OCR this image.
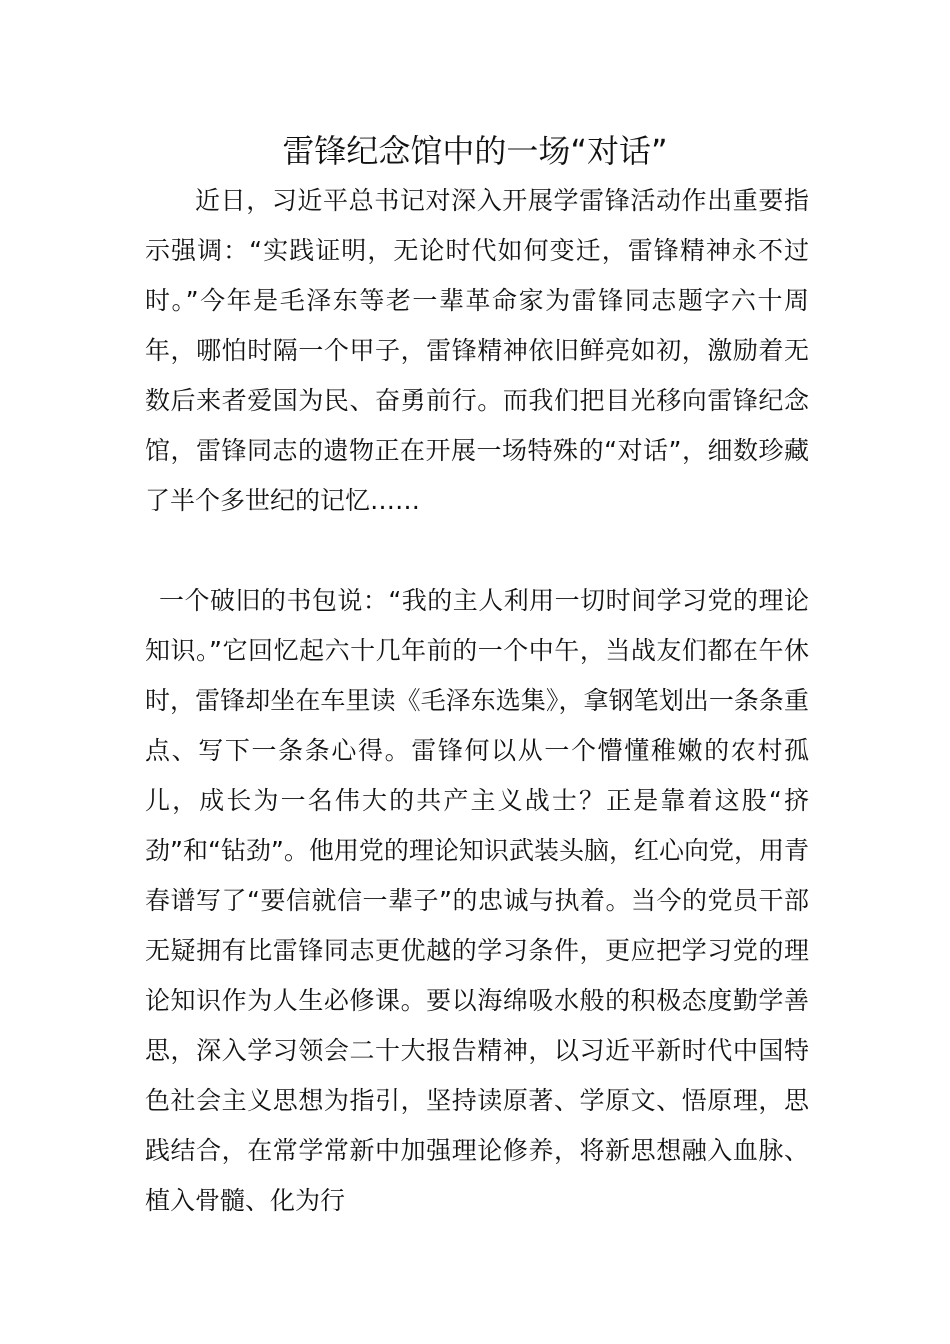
雷锋纪念馆中的一场“对话”

近日，习近平总书记对深入开展学雷锋活动作出重要指示强调：“实践证明，无论时代如何变迁，雷锋精神永不过时。”今年是毛泽东等老一辈革命家为雷锋同志题字六十周年，哪怕时隔一个甲子，雷锋精神依旧鲜亮如初，激励着无数后来者爱国为民、奋勇前行。而我们把目光移向雷锋纪念馆，雷锋同志的遗物正在开展一场特殊的“对话”，细数珍藏了半个多世纪的记忆……

一个破旧的书包说：“我的主人利用一切时间学习党的理论知识。”它回忆起六十几年前的一个中午，当战友们都在午休时，雷锋却坐在车里读《毛泽东选集》，拿钢笔划出一条条重点、写下一条条心得。雷锋何以从一个懵懂稚嫩的农村孤儿，成长为一名伟大的共产主义战士？正是靠着这股“挤劲”和“钻劲”。他用党的理论知识武装头脑，红心向党，用青春谱写了“要信就信一辈子”的忠诚与执着。当今的党员干部无疑拥有比雷锋同志更优越的学习条件，更应把学习党的理论知识作为人生必修课。要以海绵吸水般的积极态度勤学善思，深入学习领会二十大报告精神，以习近平新时代中国特色社会主义思想为指引，坚持读原著、学原文、悟原理，思践结合，在常学常新中加强理论修养，将新思想融入血脉、植入骨髓、化为行
